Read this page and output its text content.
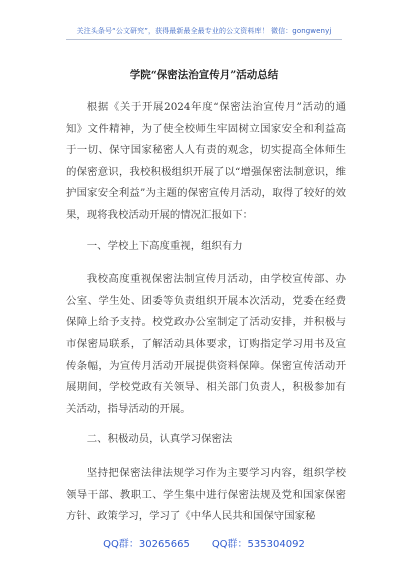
关注头条号“公文研究”，获得最新最全最专业的公文资料库！ 微信：gongwenyj
学院“保密法治宣传月”活动总结

根据《关于开展2024年度“保密法治宣传月”活动的通知》文件精神，为了使全校师生牢固树立国家安全和利益高于一切、保守国家秘密人人有责的观念，切实提高全体师生的保密意识，我校积极组织开展了以“增强保密法制意识，维护国家安全利益”为主题的保密宣传月活动，取得了较好的效果，现将我校活动开展的情况汇报如下：

一、学校上下高度重视，组织有力

我校高度重视保密法制宣传月活动，由学校宣传部、办公室、学生处、团委等负责组织开展本次活动，党委在经费保障上给予支持。校党政办公室制定了活动安排，并积极与市保密局联系，了解活动具体要求，订购指定学习用书及宣传条幅，为宣传月活动开展提供资料保障。保密宣传活动开展期间，学校党政有关领导、相关部门负责人，积极参加有关活动，指导活动的开展。

二、积极动员，认真学习保密法

坚持把保密法律法规学习作为主要学习内容，组织学校领导干部、教职工、学生集中进行保密法规及党和国家保密方针、政策学习，学习了《中华人民共和国保守国家秘

QQ群：30265665 QQ群：535304092
